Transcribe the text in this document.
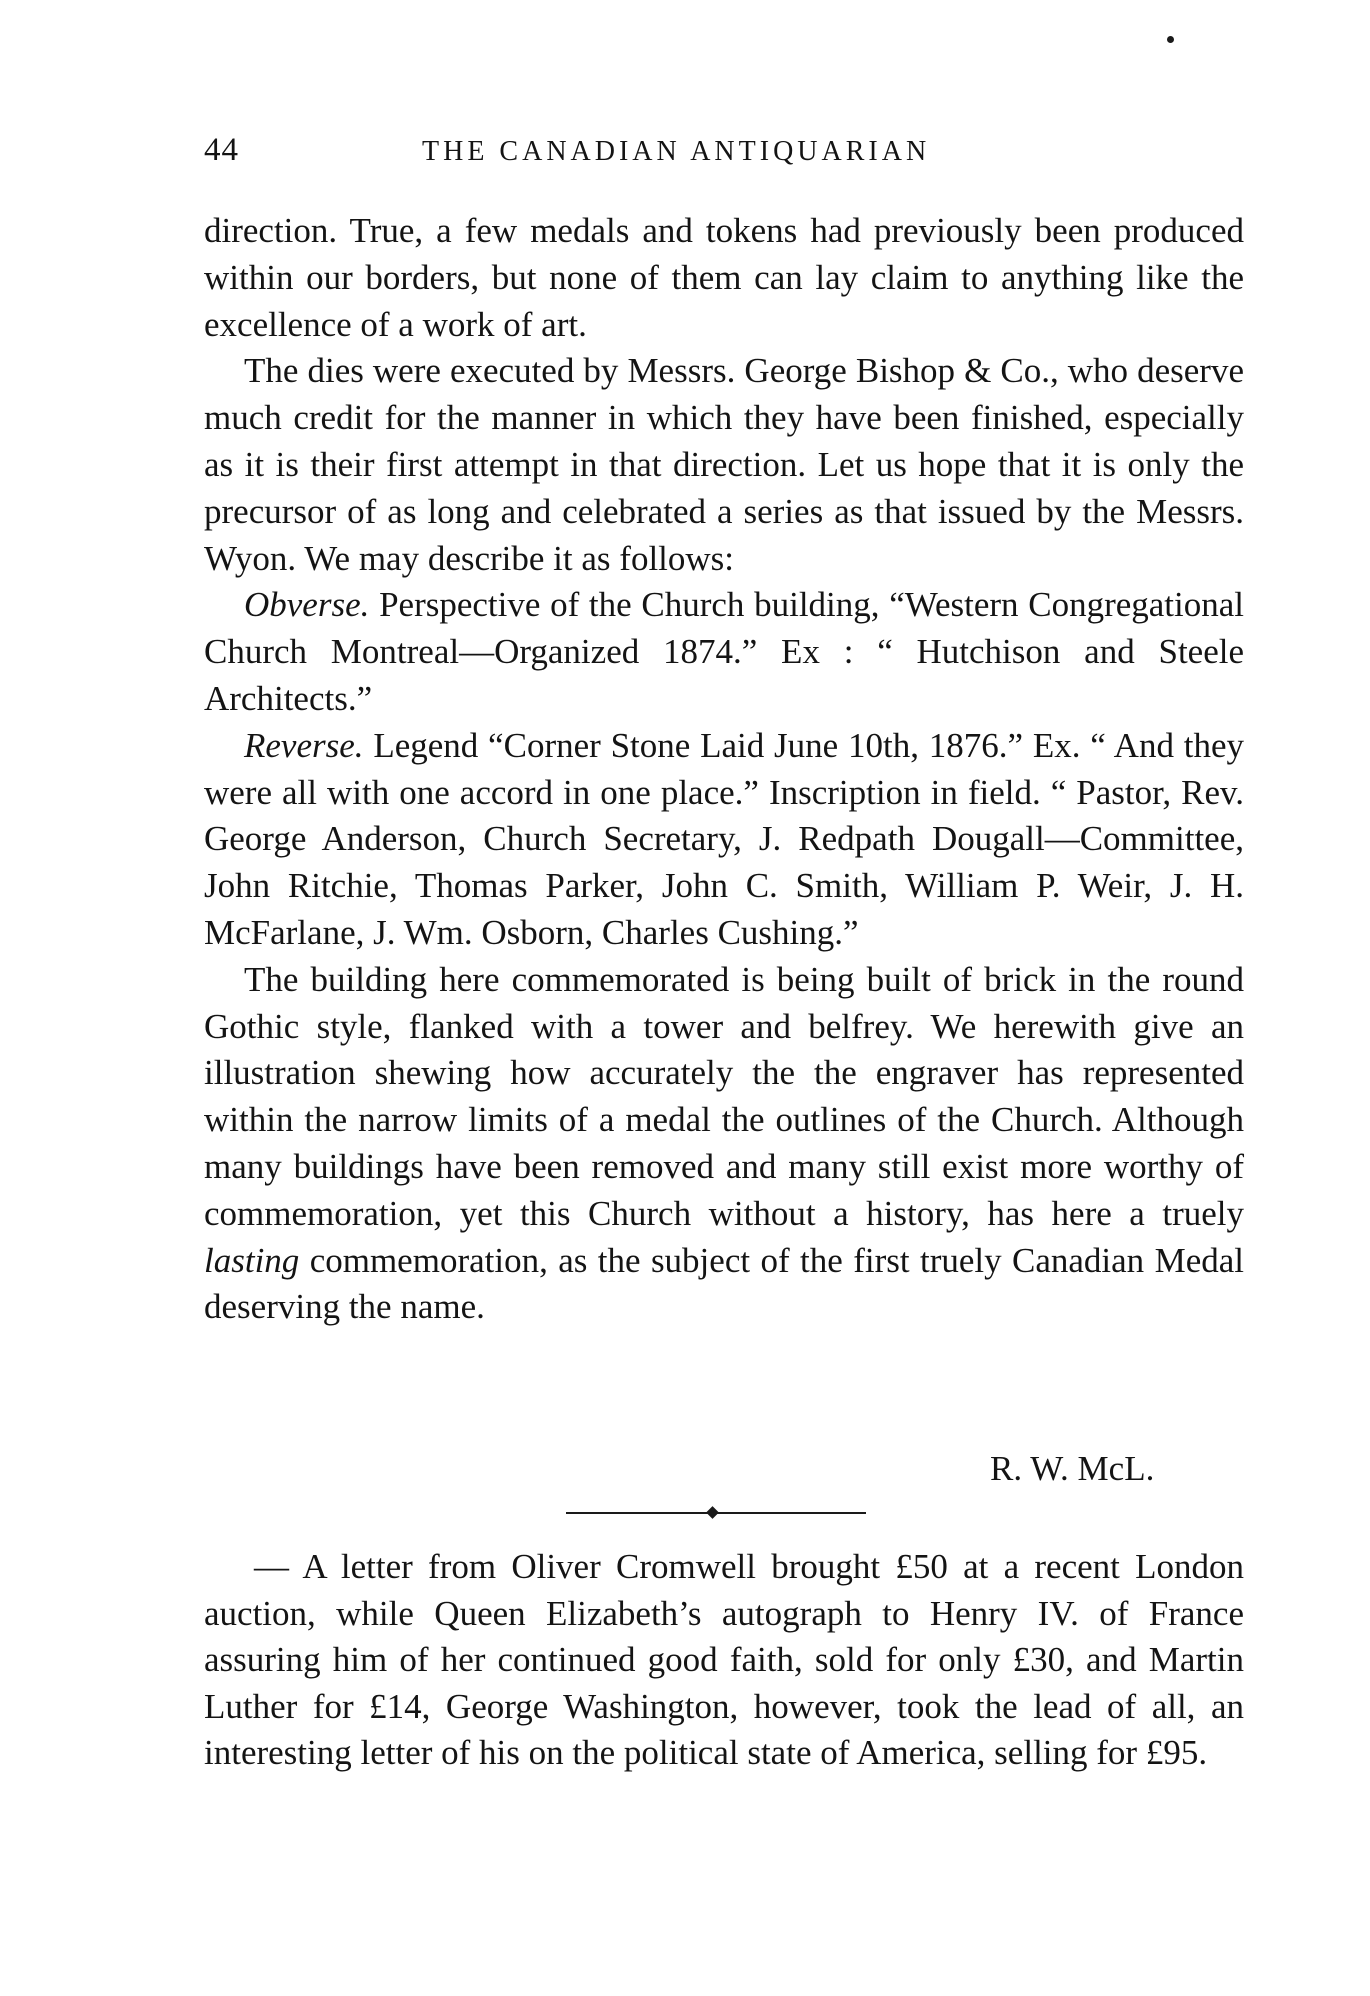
44	THE CANADIAN ANTIQUARIAN

direction. True, a few medals and tokens had previously been produced within our borders, but none of them can lay claim to anything like the excellence of a work of art.

The dies were executed by Messrs. George Bishop & Co., who deserve much credit for the manner in which they have been finished, especially as it is their first attempt in that direction. Let us hope that it is only the precursor of as long and celebrated a series as that issued by the Messrs. Wyon. We may describe it as follows:

Obverse. Perspective of the Church building, “Western Congregational Church Montreal—Organized 1874.” Ex : “ Hutchison and Steele Architects.”

Reverse. Legend “Corner Stone Laid June 10th, 1876.” Ex. “ And they were all with one accord in one place.” Inscription in field. “ Pastor, Rev. George Anderson, Church Secretary, J. Redpath Dougall—Committee, John Ritchie, Thomas Parker, John C. Smith, William P. Weir, J. H. McFarlane, J. Wm. Osborn, Charles Cushing.”

The building here commemorated is being built of brick in the round Gothic style, flanked with a tower and belfrey. We herewith give an illustration shewing how accurately the the engraver has represented within the narrow limits of a medal the outlines of the Church. Although many buildings have been removed and many still exist more worthy of commemoration, yet this Church without a history, has here a truely lasting commemoration, as the subject of the first truely Canadian Medal deserving the name.

R. W. McL.

— A letter from Oliver Cromwell brought £50 at a recent London auction, while Queen Elizabeth’s autograph to Henry IV. of France assuring him of her continued good faith, sold for only £30, and Martin Luther for £14, George Washington, however, took the lead of all, an interesting letter of his on the political state of America, selling for £95.
